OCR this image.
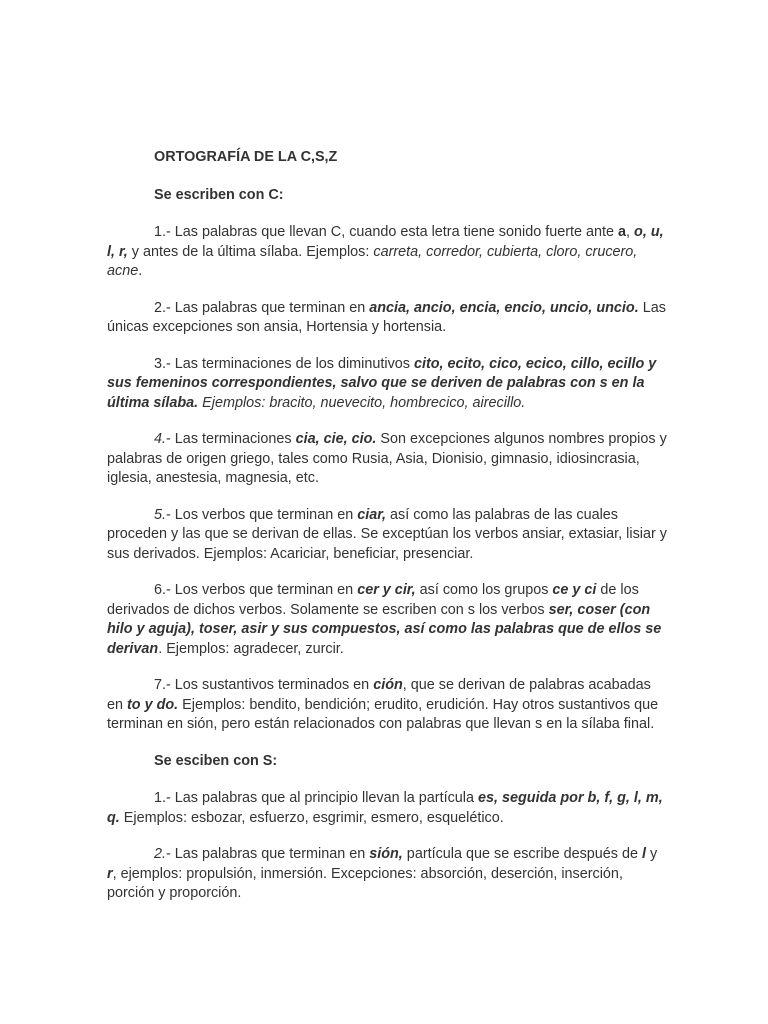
ORTOGRAFÍA DE LA C,S,Z

Se escriben con C:

1.- Las palabras que llevan C, cuando esta letra tiene sonido fuerte ante a, o, u, l, r, y antes de la última sílaba. Ejemplos: carreta, corredor, cubierta, cloro, crucero, acne.

2.- Las palabras que terminan en ancia, ancio, encia, encio, uncio, uncio. Las únicas excepciones son ansia, Hortensia y hortensia.

3.- Las terminaciones de los diminutivos cito, ecito, cico, ecico, cillo, ecillo y sus femeninos correspondientes, salvo que se deriven de palabras con s en la última sílaba. Ejemplos: bracito, nuevecito, hombrecico, airecillo.

4.- Las terminaciones cia, cie, cio. Son excepciones algunos nombres propios y palabras de origen griego, tales como Rusia, Asia, Dionisio, gimnasio, idiosincrasia, iglesia, anestesia, magnesia, etc.

5.- Los verbos que terminan en ciar, así como las palabras de las cuales proceden y las que se derivan de ellas. Se exceptúan los verbos ansiar, extasiar, lisiar y sus derivados. Ejemplos: Acariciar, beneficiar, presenciar.

6.- Los verbos que terminan en cer y cir, así como los grupos ce y ci de los derivados de dichos verbos. Solamente se escriben con s los verbos ser, coser (con hilo y aguja), toser, asir y sus compuestos, así como las palabras que de ellos se derivan. Ejemplos: agradecer, zurcir.

7.- Los sustantivos terminados en ción, que se derivan de palabras acabadas en to y do. Ejemplos: bendito, bendición; erudito, erudición. Hay otros sustantivos que terminan en sión, pero están relacionados con palabras que llevan s en la sílaba final.

Se esciben con S:

1.- Las palabras que al principio llevan la partícula es, seguida por b, f, g, l, m, q. Ejemplos: esbozar, esfuerzo, esgrimir, esmero, esquelético.

2.- Las palabras que terminan en sión, partícula que se escribe después de l y r, ejemplos: propulsión, inmersión. Excepciones: absorción, deserción, inserción, porción y proporción.
